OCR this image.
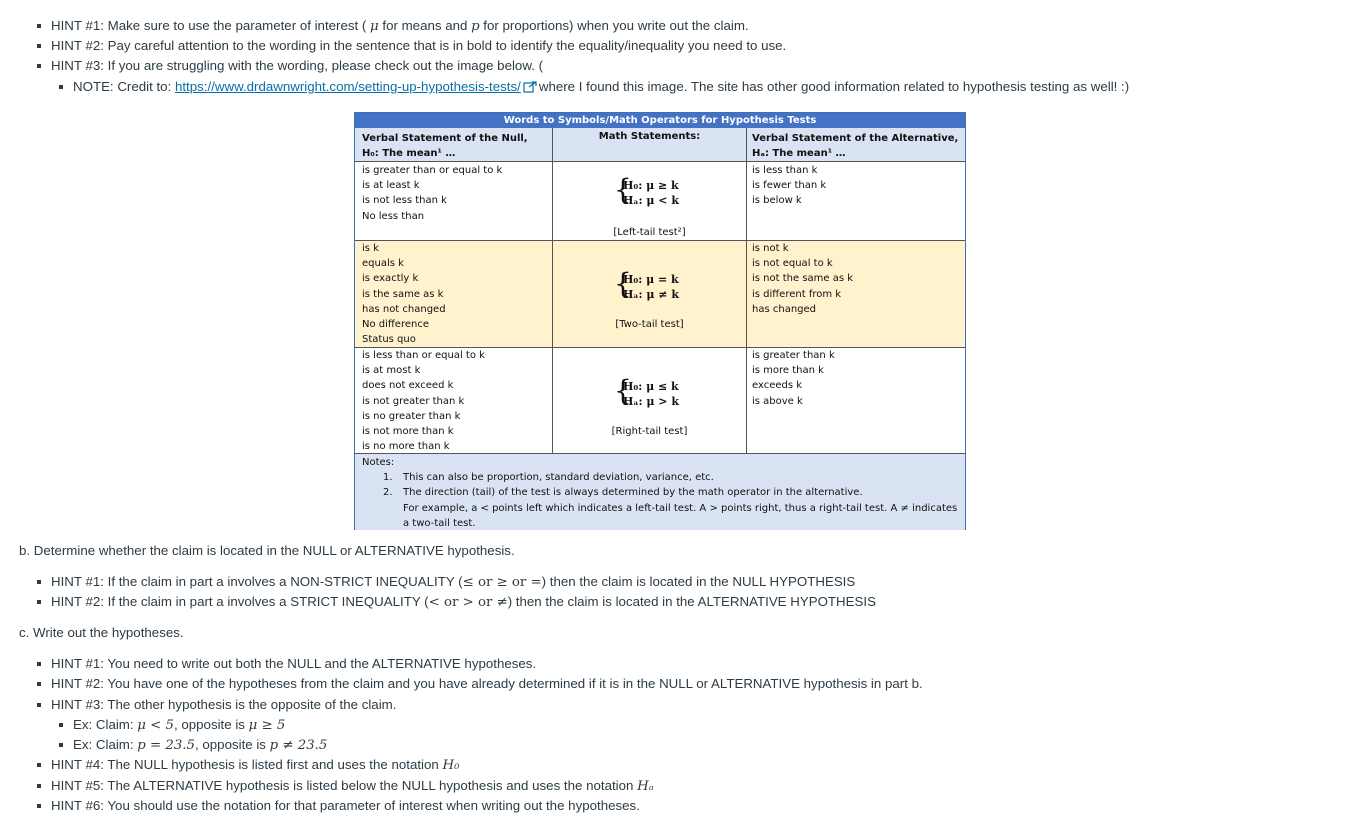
HINT #1: Make sure to use the parameter of interest ( μ for means and p for proportions) when you write out the claim.
HINT #2: Pay careful attention to the wording in the sentence that is in bold to identify the equality/inequality you need to use.
HINT #3: If you are struggling with the wording, please check out the image below. (
NOTE: Credit to: https://www.drdawnwright.com/setting-up-hypothesis-tests/ where I found this image. The site has other good information related to hypothesis testing as well! :)
Words to Symbols/Math Operators for Hypothesis Tests
Verbal Statement of the Null,
H₀: The mean¹ …
Math Statements:	Verbal Statement of the Alternative,
Hₐ: The mean¹ …
is greater than or equal to k
is at least k
is not less than k
No less than
{
H₀: μ ≥ k
Hₐ: μ < k
[Left-tail test²]
is less than k
is fewer than k
is below k
is k
equals k
is exactly k
is the same as k
has not changed
No difference
Status quo
{
H₀: μ = k
Hₐ: μ ≠ k
[Two-tail test]
is not k
is not equal to k
is not the same as k
is different from k
has changed
is less than or equal to k
is at most k
does not exceed k
is not greater than k
is no greater than k
is not more than k
is no more than k
{
H₀: μ ≤ k
Hₐ: μ > k
[Right-tail test]
is greater than k
is more than k
exceeds k
is above k
Notes:
1. This can also be proportion, standard deviation, variance, etc.
2. The direction (tail) of the test is always determined by the math operator in the alternative.
For example, a < points left which indicates a left-tail test. A > points right, thus a right-tail test. A ≠ indicates
a two-tail test.
b. Determine whether the claim is located in the NULL or ALTERNATIVE hypothesis.
HINT #1: If the claim in part a involves a NON-STRICT INEQUALITY (≤ or ≥ or =) then the claim is located in the NULL HYPOTHESIS
HINT #2: If the claim in part a involves a STRICT INEQUALITY (< or > or ≠) then the claim is located in the ALTERNATIVE HYPOTHESIS
c. Write out the hypotheses.
HINT #1: You need to write out both the NULL and the ALTERNATIVE hypotheses.
HINT #2: You have one of the hypotheses from the claim and you have already determined if it is in the NULL or ALTERNATIVE hypothesis in part b.
HINT #3: The other hypothesis is the opposite of the claim.
Ex: Claim: μ < 5, opposite is μ ≥ 5
Ex: Claim: p = 23.5, opposite is p ≠ 23.5
HINT #4: The NULL hypothesis is listed first and uses the notation H₀
HINT #5: The ALTERNATIVE hypothesis is listed below the NULL hypothesis and uses the notation Hₐ
HINT #6: You should use the notation for that parameter of interest when writing out the hypotheses.
